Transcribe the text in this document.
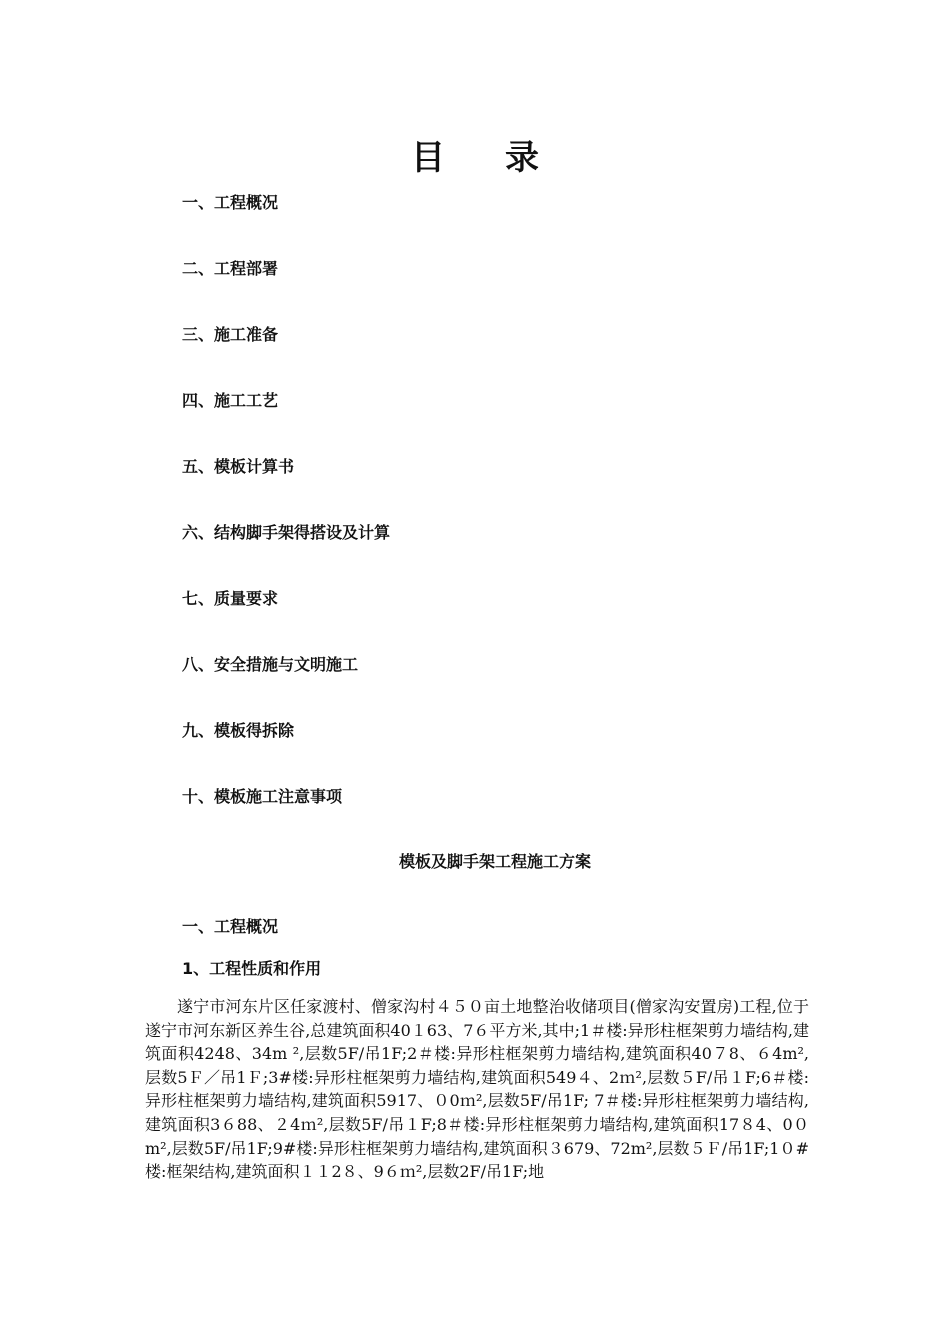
目录
一、工程概况
二、工程部署
三、施工准备
四、施工工艺
五、模板计算书
六、结构脚手架得搭设及计算
七、质量要求
八、安全措施与文明施工
九、模板得拆除
十、模板施工注意事项
模板及脚手架工程施工方案
一、工程概况
1、工程性质和作用

遂宁市河东片区任家渡村、僧家沟村４５０亩土地整治收储项目(僧家沟安置房)工程,位于遂宁市河东新区养生谷,总建筑面积40１63、7６平方米,其中;1＃楼:异形柱框架剪力墙结构,建筑面积4248、34m ²,层数5F/吊1F;2＃楼:异形柱框架剪力墙结构,建筑面积40７8、６4m²,层数5Ｆ／吊1Ｆ;3#楼:异形柱框架剪力墙结构,建筑面积549４、2ｍ²,层数５F/吊１F;6＃楼:异形柱框架剪力墙结构,建筑面积5917、０0ｍ²,层数5F/吊1F; 7＃楼:异形柱框架剪力墙结构,建筑面积3６88、２4ｍ²,层数5F/吊１F;8＃楼:异形柱框架剪力墙结构,建筑面积17８4、0０m²,层数5F/吊1F;9#楼:异形柱框架剪力墙结构,建筑面积３679、72m²,层数５Ｆ/吊1F;1０#楼:框架结构,建筑面积１１2８、9６ｍ²,层数2F/吊1F;地
